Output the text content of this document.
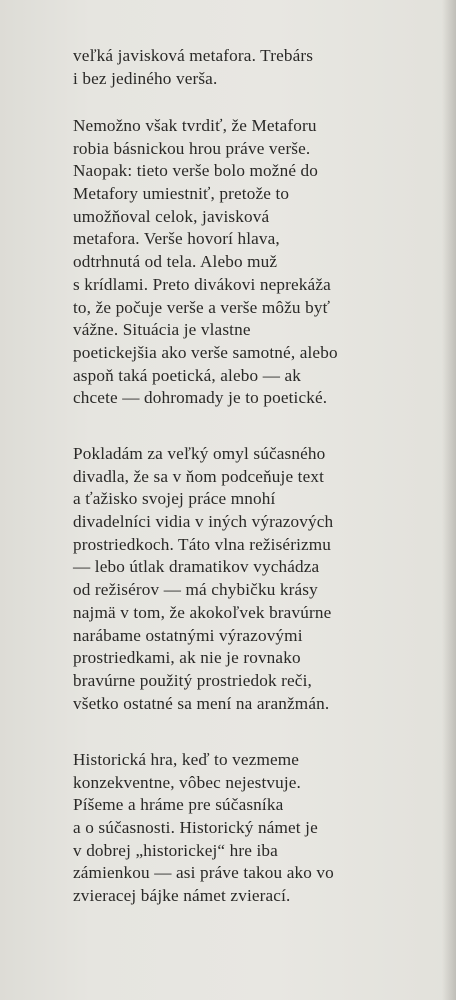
veľká javisková metafora. Trebárs
i bez jediného verša.
Nemožno však tvrdiť, že Metaforu
robia básnickou hrou práve verše.
Naopak: tieto verše bolo možné do
Metafory umiestniť, pretože to
umožňoval celok, javisková
metafora. Verše hovorí hlava,
odtrhnutá od tela. Alebo muž
s krídlami. Preto divákovi neprekáža
to, že počuje verše a verše môžu byť
vážne. Situácia je vlastne
poetickejšia ako verše samotné, alebo
aspoň taká poetická, alebo — ak
chcete — dohromady je to poetické.
Pokladám za veľký omyl súčasného
divadla, že sa v ňom podceňuje text
a ťažisko svojej práce mnohí
divadelníci vidia v iných výrazových
prostriedkoch. Táto vlna režisérizmu
— lebo útlak dramatikov vychádza
od režisérov — má chybičku krásy
najmä v tom, že akokoľvek bravúrne
narábame ostatnými výrazovými
prostriedkami, ak nie je rovnako
bravúrne použitý prostriedok reči,
všetko ostatné sa mení na aranžmán.
Historická hra, keď to vezmeme
konzekventne, vôbec nejestvuje.
Píšeme a hráme pre súčasníka
a o súčasnosti. Historický námet je
v dobrej „historickej“ hre iba
zámienkou — asi práve takou ako vo
zvieracej bájke námet zvierací.
